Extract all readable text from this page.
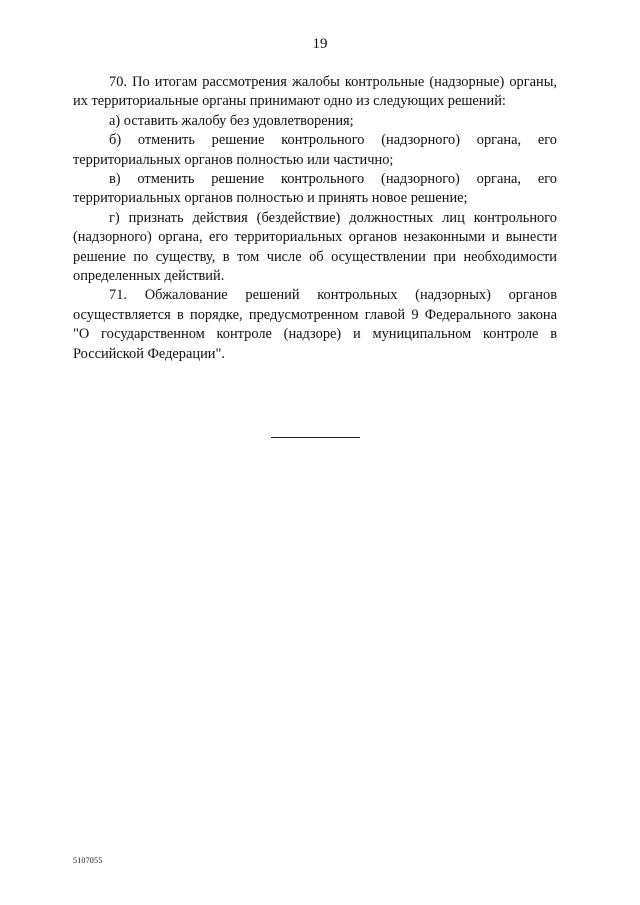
19

70. По итогам рассмотрения жалобы контрольные (надзорные) органы, их территориальные органы принимают одно из следующих решений:

а) оставить жалобу без удовлетворения;

б) отменить решение контрольного (надзорного) органа, его территориальных органов полностью или частично;

в) отменить решение контрольного (надзорного) органа, его территориальных органов полностью и принять новое решение;

г) признать действия (бездействие) должностных лиц контрольного (надзорного) органа, его территориальных органов незаконными и вынести решение по существу, в том числе об осуществлении при необходимости определенных действий.

71. Обжалование решений контрольных (надзорных) органов осуществляется в порядке, предусмотренном главой 9 Федерального закона "О государственном контроле (надзоре) и муниципальном контроле в Российской Федерации".

5107055
